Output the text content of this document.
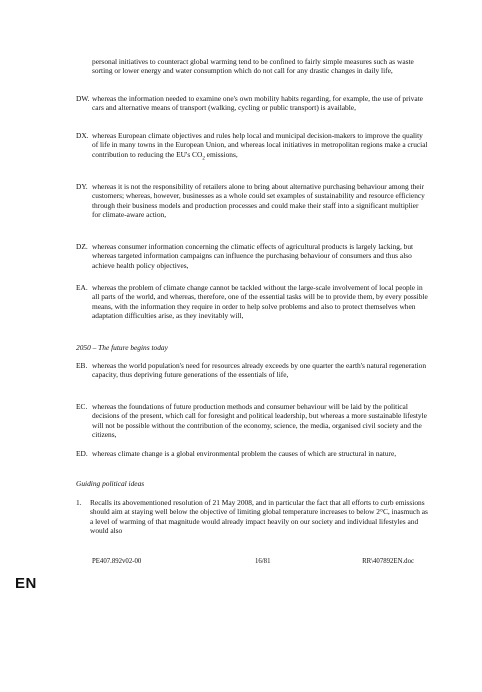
personal initiatives to counteract global warming tend to be confined to fairly simple measures such as waste sorting or lower energy and water consumption which do not call for any drastic changes in daily life,
DW. whereas the information needed to examine one's own mobility habits regarding, for example, the use of private cars and alternative means of transport (walking, cycling or public transport) is available,
DX. whereas European climate objectives and rules help local and municipal decision-makers to improve the quality of life in many towns in the European Union, and whereas local initiatives in metropolitan regions make a crucial contribution to reducing the EU's $CO_2$ emissions,
DY. whereas it is not the responsibility of retailers alone to bring about alternative purchasing behaviour among their customers; whereas, however, businesses as a whole could set examples of sustainability and resource efficiency through their business models and production processes and could make their staff into a significant multiplier for climate-aware action,
DZ. whereas consumer information concerning the climatic effects of agricultural products is largely lacking, but whereas targeted information campaigns can influence the purchasing behaviour of consumers and thus also achieve health policy objectives,
EA. whereas the problem of climate change cannot be tackled without the large-scale involvement of local people in all parts of the world, and whereas, therefore, one of the essential tasks will be to provide them, by every possible means, with the information they require in order to help solve problems and also to protect themselves when adaptation difficulties arise, as they inevitably will,
2050 – The future begins today
EB. whereas the world population's need for resources already exceeds by one quarter the earth's natural regeneration capacity, thus depriving future generations of the essentials of life,
EC. whereas the foundations of future production methods and consumer behaviour will be laid by the political decisions of the present, which call for foresight and political leadership, but whereas a more sustainable lifestyle will not be possible without the contribution of the economy, science, the media, organised civil society and the citizens,
ED. whereas climate change is a global environmental problem the causes of which are structural in nature,
Guiding political ideas
1. Recalls its abovementioned resolution of 21 May 2008, and in particular the fact that all efforts to curb emissions should aim at staying well below the objective of limiting global temperature increases to below 2°C, inasmuch as a level of warming of that magnitude would already impact heavily on our society and individual lifestyles and would also
PE407.892v02-00	16/81	RR\407892EN.doc
EN
